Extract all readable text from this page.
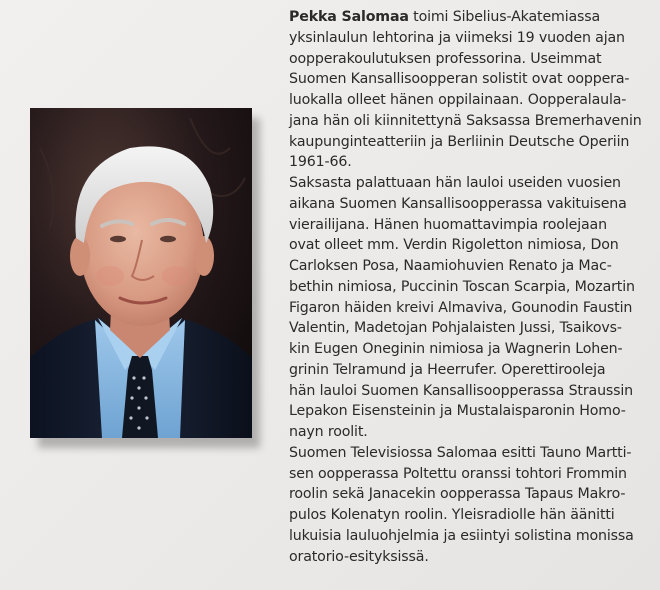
Pekka Salomaa toimi Sibelius-Akatemiassa
yksinlaulun lehtorina ja viimeksi 19 vuoden ajan
oopperakoulutuksen professorina. Useimmat
Suomen Kansallisoopperan solistit ovat oopperа-
luokalla olleet hänen oppilainaan. Oopperalaula-
jana hän oli kiinnitettynä Saksassa Bremerhavenin
kaupunginteatteriin ja Berliinin Deutsche Operiin
1961-66.

Saksasta palattuaan hän lauloi useiden vuosien
aikana Suomen Kansallisoopperassa vakituisena
vierailijana. Hänen huomattavimpia roolejaan
ovat olleet mm. Verdin Rigoletton nimiosa, Don
Carloksen Posa, Naamiohuvien Renato ja Mac-
bethin nimiosa, Puccinin Toscan Scarpia, Mozartin
Figaron häiden kreivi Almaviva, Gounodin Faustin
Valentin, Madetojan Pohjalaisten Jussi, Tsaikovs-
kin Eugen Oneginin nimiosa ja Wagnerin Lohen-
grinin Telramund ja Heerrufer. Operettirooleja
hän lauloi Suomen Kansallisoopperassa Straussin
Lepakon Eisensteinin ja Mustalaisparonin Homo-
nayn roolit.

Suomen Televisiossa Salomaa esitti Tauno Martti-
sen oopperassa Poltettu oranssi tohtori Frommin
roolin sekä Janacekin oopperassa Tapaus Makro-
pulos Kolenatyn roolin. Yleisradiolle hän äänitti
lukuisia lauluohjelmia ja esiintyi solistina monissa
oratorio-esityksissä.
